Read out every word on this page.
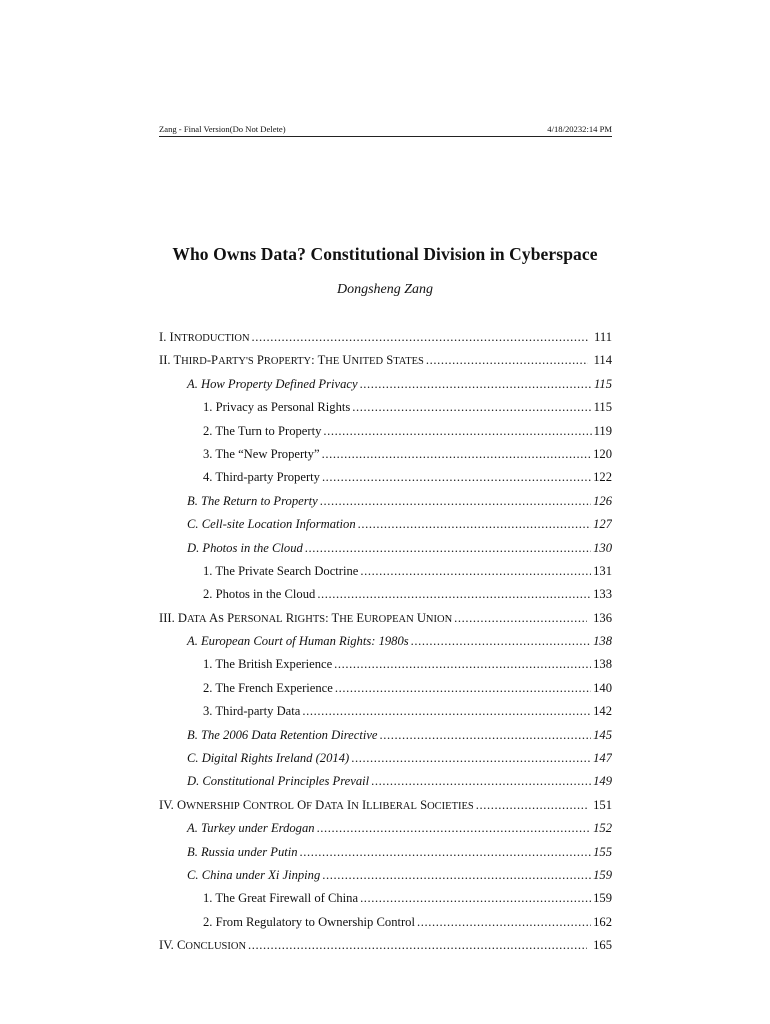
Zang - Final Version(Do Not Delete)	4/18/20232:14 PM
Who Owns Data? Constitutional Division in Cyberspace
Dongsheng Zang
I. INTRODUCTION .....	111
II. THIRD-PARTY'S PROPERTY: THE UNITED STATES .....	114
A. How Property Defined Privacy .....	115
1. Privacy as Personal Rights .....	115
2. The Turn to Property .....	119
3. The “New Property” .....	120
4. Third-party Property .....	122
B. The Return to Property .....	126
C. Cell-site Location Information .....	127
D. Photos in the Cloud .....	130
1. The Private Search Doctrine .....	131
2. Photos in the Cloud .....	133
III. DATA AS PERSONAL RIGHTS: THE EUROPEAN UNION .....	136
A. European Court of Human Rights: 1980s .....	138
1. The British Experience .....	138
2. The French Experience .....	140
3. Third-party Data .....	142
B. The 2006 Data Retention Directive .....	145
C. Digital Rights Ireland (2014) .....	147
D. Constitutional Principles Prevail .....	149
IV. OWNERSHIP CONTROL OF DATA IN ILLIBERAL SOCIETIES .....	151
A. Turkey under Erdogan .....	152
B. Russia under Putin .....	155
C. China under Xi Jinping .....	159
1. The Great Firewall of China .....	159
2. From Regulatory to Ownership Control .....	162
IV. CONCLUSION .....	165
